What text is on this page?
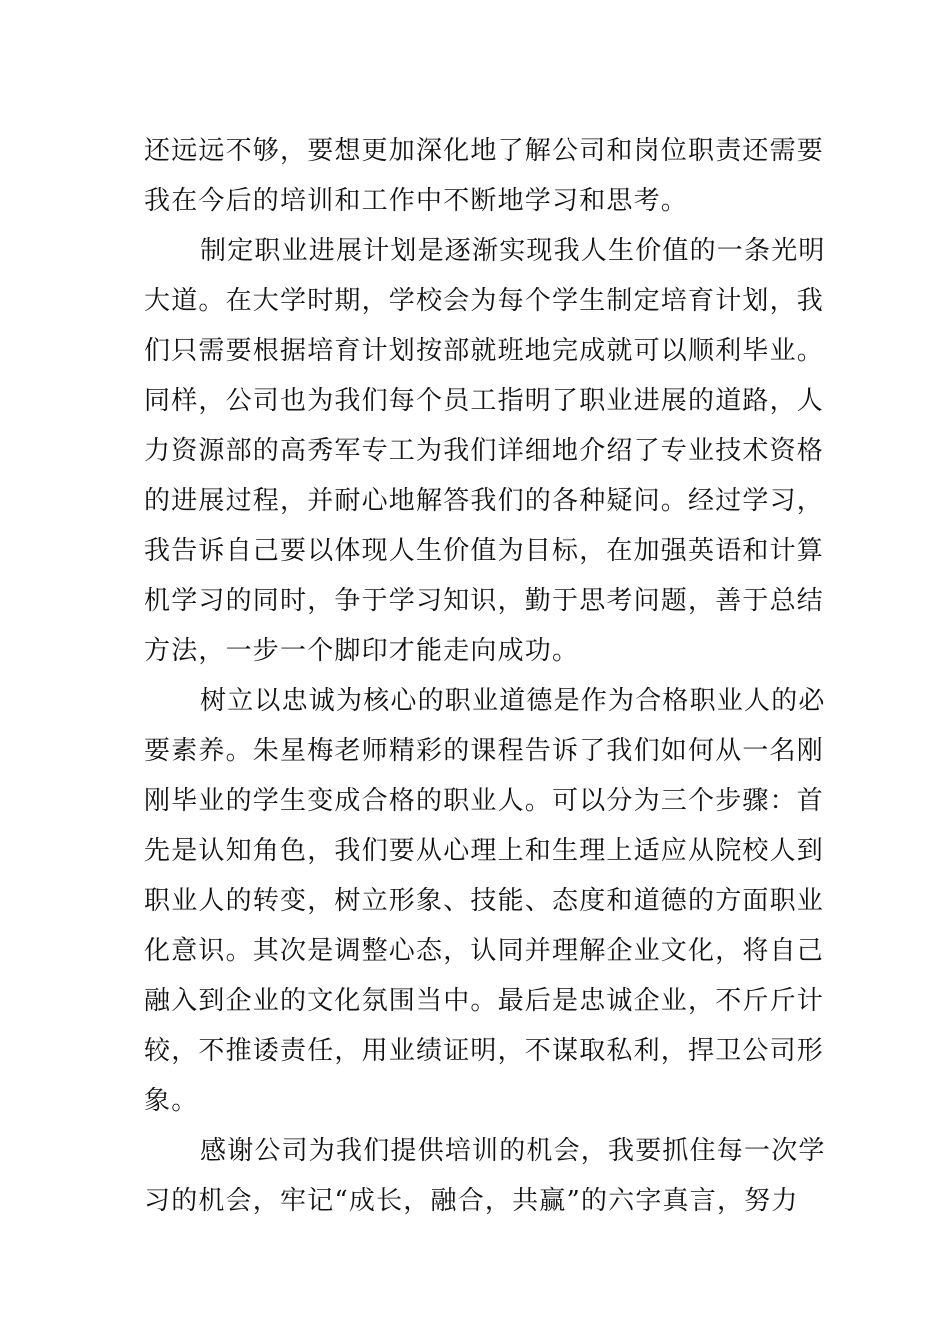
还远远不够，要想更加深化地了解公司和岗位职责还需要
我在今后的培训和工作中不断地学习和思考。
制定职业进展计划是逐渐实现我人生价值的一条光明
大道。在大学时期，学校会为每个学生制定培育计划，我
们只需要根据培育计划按部就班地完成就可以顺利毕业。
同样，公司也为我们每个员工指明了职业进展的道路，人
力资源部的高秀军专工为我们详细地介绍了专业技术资格
的进展过程，并耐心地解答我们的各种疑问。经过学习，
我告诉自己要以体现人生价值为目标，在加强英语和计算
机学习的同时，争于学习知识，勤于思考问题，善于总结
方法，一步一个脚印才能走向成功。
树立以忠诚为核心的职业道德是作为合格职业人的必
要素养。朱星梅老师精彩的课程告诉了我们如何从一名刚
刚毕业的学生变成合格的职业人。可以分为三个步骤：首
先是认知角色，我们要从心理上和生理上适应从院校人到
职业人的转变，树立形象、技能、态度和道德的方面职业
化意识。其次是调整心态，认同并理解企业文化，将自己
融入到企业的文化氛围当中。最后是忠诚企业，不斤斤计
较，不推诿责任，用业绩证明，不谋取私利，捍卫公司形
象。
感谢公司为我们提供培训的机会，我要抓住每一次学
习的机会，牢记“成长，融合，共赢”的六字真言，努力
